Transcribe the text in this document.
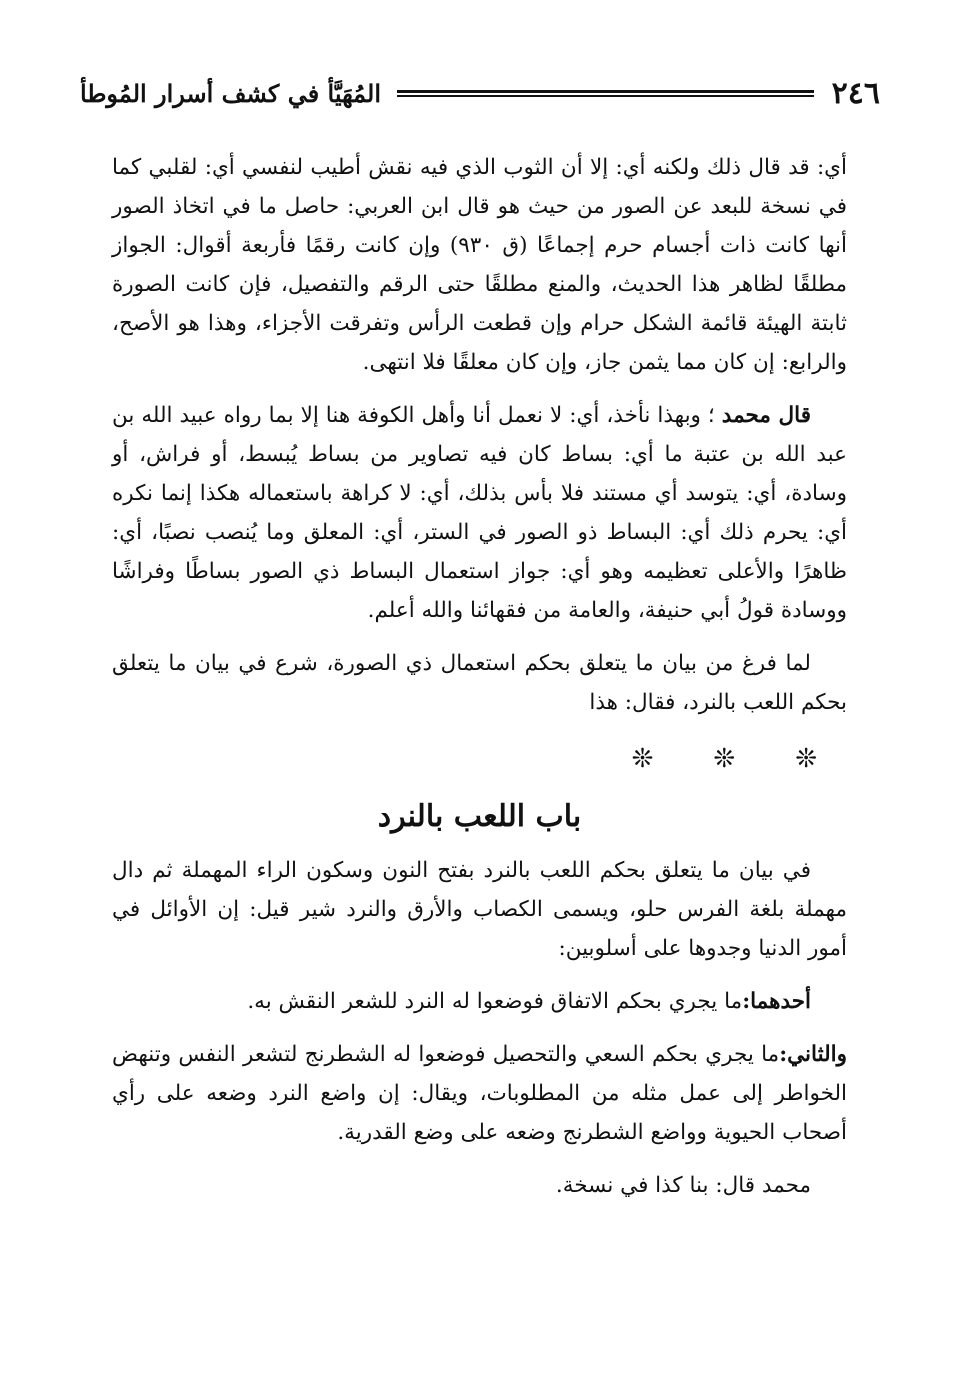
٢٤٦
المُهَيَّأ في كشف أسرار المُوطأ

أي: قد قال ذلك ولكنه أي: إلا أن الثوب الذي فيه نقش أطيب لنفسي أي: لقلبي كما في نسخة للبعد عن الصور من حيث هو قال ابن العربي: حاصل ما في اتخاذ الصور أنها كانت ذات أجسام حرم إجماعًا (ق ٩٣٠) وإن كانت رقمًا فأربعة أقوال: الجواز مطلقًا لظاهر هذا الحديث، والمنع مطلقًا حتى الرقم والتفصيل، فإن كانت الصورة ثابتة الهيئة قائمة الشكل حرام وإن قطعت الرأس وتفرقت الأجزاء، وهذا هو الأصح، والرابع: إن كان مما يثمن جاز، وإن كان معلقًا فلا انتهى.

قال محمد ؛ وبهذا نأخذ، أي: لا نعمل أنا وأهل الكوفة هنا إلا بما رواه عبيد الله بن عبد الله بن عتبة ما أي: بساط كان فيه تصاوير من بساط يُبسط، أو فراش، أو وسادة، أي: يتوسد أي مستند فلا بأس بذلك، أي: لا كراهة باستعماله هكذا إنما نكره أي: يحرم ذلك أي: البساط ذو الصور في الستر، أي: المعلق وما يُنصب نصبًا، أي: ظاهرًا والأعلى تعظيمه وهو أي: جواز استعمال البساط ذي الصور بساطًا وفراشًا ووسادة قولُ أبي حنيفة، والعامة من فقهائنا والله أعلم.

لما فرغ من بيان ما يتعلق بحكم استعمال ذي الصورة، شرع في بيان ما يتعلق بحكم اللعب بالنرد، فقال: هذا

❊ ❊ ❊
باب اللعب بالنرد

في بيان ما يتعلق بحكم اللعب بالنرد بفتح النون وسكون الراء المهملة ثم دال مهملة بلغة الفرس حلو، ويسمى الكصاب والأرق والنرد شير قيل: إن الأوائل في أمور الدنيا وجدوها على أسلوبين:

أحدهما:ما يجري بحكم الاتفاق فوضعوا له النرد للشعر النقش به.

والثاني:ما يجري بحكم السعي والتحصيل فوضعوا له الشطرنج لتشعر النفس وتنهض الخواطر إلى عمل مثله من المطلوبات، ويقال: إن واضع النرد وضعه على رأي أصحاب الحيوية وواضع الشطرنج وضعه على وضع القدرية.

محمد قال: بنا كذا في نسخة.
